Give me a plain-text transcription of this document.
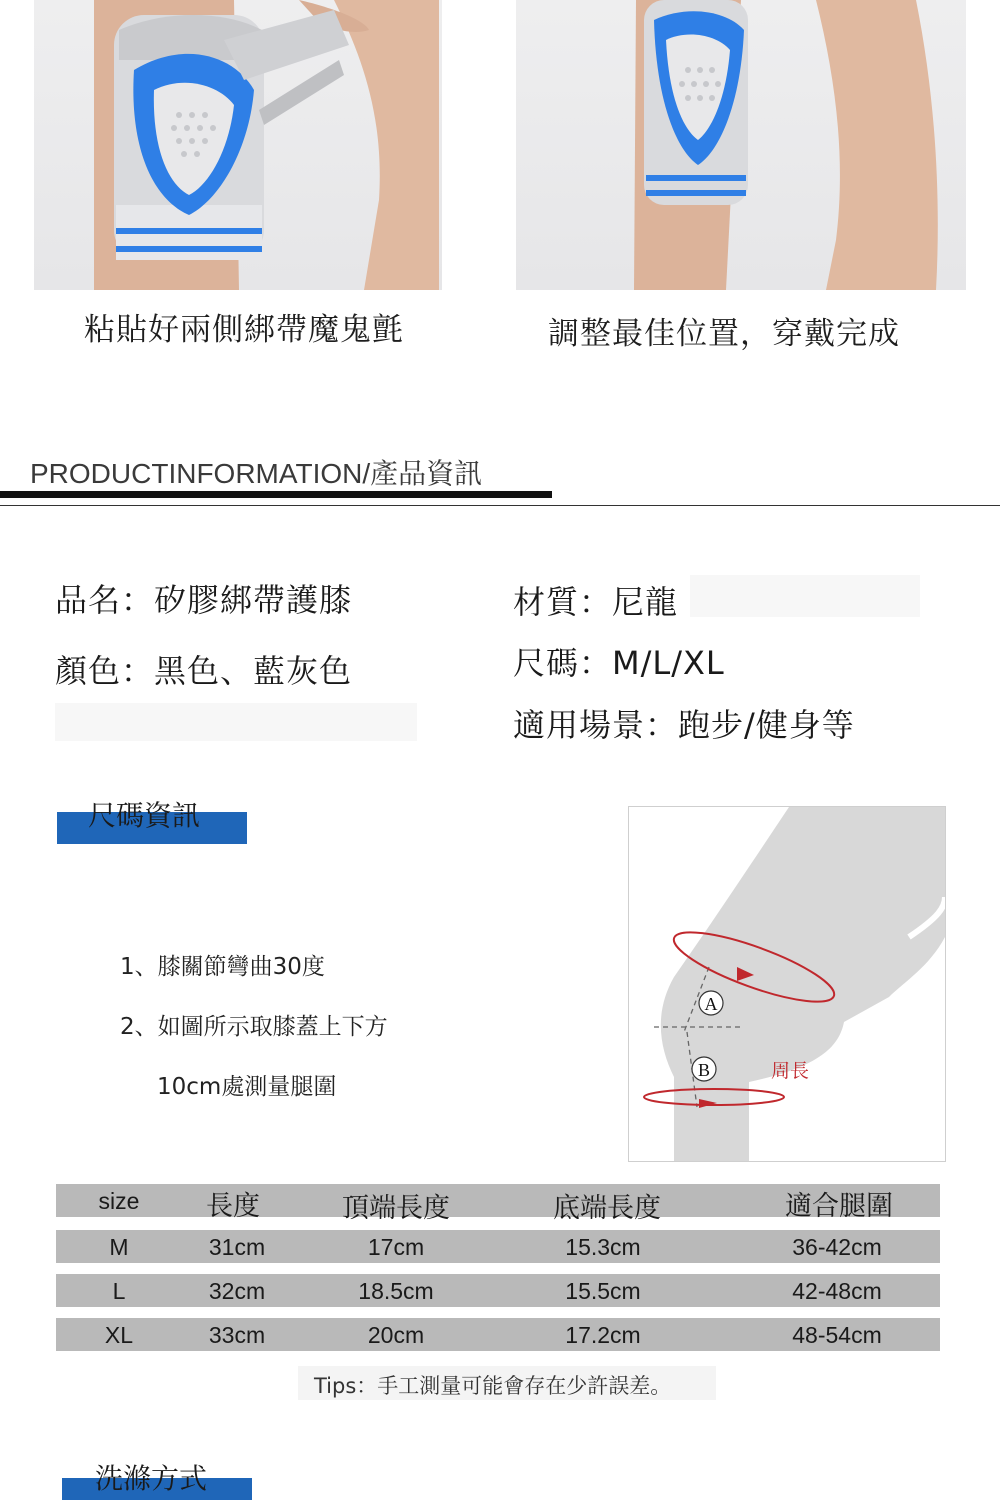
粘貼好兩側綁帶魔鬼氈	調整最佳位置，穿戴完成
PRODUCTINFORMATION/產品資訊
品名：矽膠綁帶護膝	材質：尼龍
顏色：黑色、藍灰色	尺碼：M/L/XL
適用場景：跑步/健身等
尺碼資訊
1、膝關節彎曲30度
2、如圖所示取膝蓋上下方
10cm處測量腿圍
A
B	周長
size 長度	頂端長度	底端長度	適合腿圍
M	31cm	17cm	15.3cm	36-42cm
L	32cm	18.5cm	15.5cm	42-48cm
XL	33cm	20cm	17.2cm	48-54cm
Tips：手工測量可能會存在少許誤差。
洗滌方式
